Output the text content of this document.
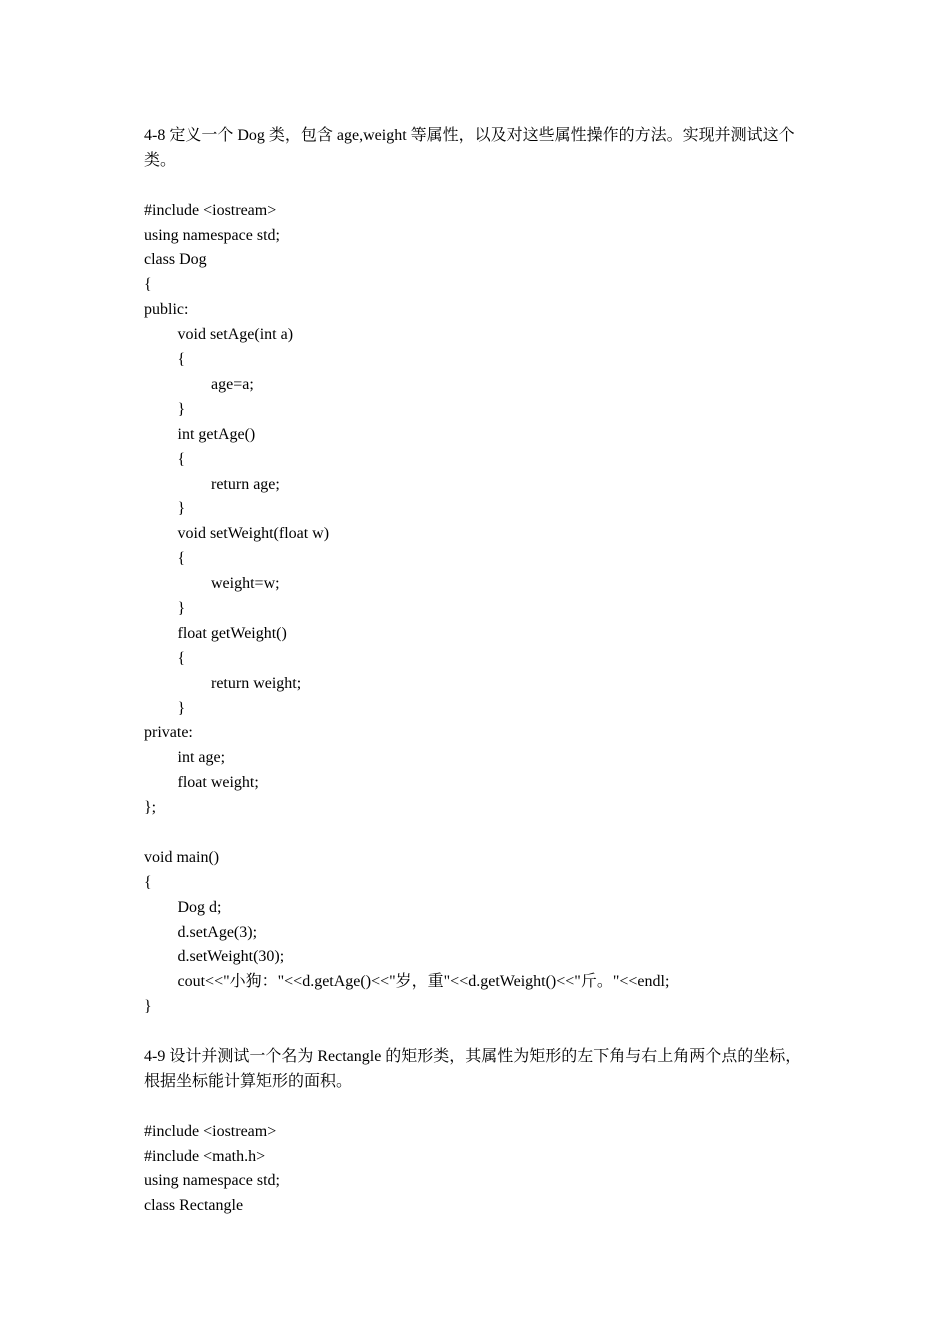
4-8 定义一个 Dog 类，包含 age,weight 等属性，以及对这些属性操作的方法。实现并测试这个类。
#include <iostream>
using namespace std;
class Dog
{
public:
void setAge(int a)
{
age=a;
}
int getAge()
{
return age;
}
void setWeight(float w)
{
weight=w;
}
float getWeight()
{
return weight;
}
private:
int age;
float weight;
};
void main()
{
Dog d;
d.setAge(3);
d.setWeight(30);
cout<<"小狗："<<d.getAge()<<"岁，重"<<d.getWeight()<<"斤。"<<endl;
}
4-9 设计并测试一个名为 Rectangle 的矩形类，其属性为矩形的左下角与右上角两个点的坐标，根据坐标能计算矩形的面积。
#include <iostream>
#include <math.h>
using namespace std;
class Rectangle
